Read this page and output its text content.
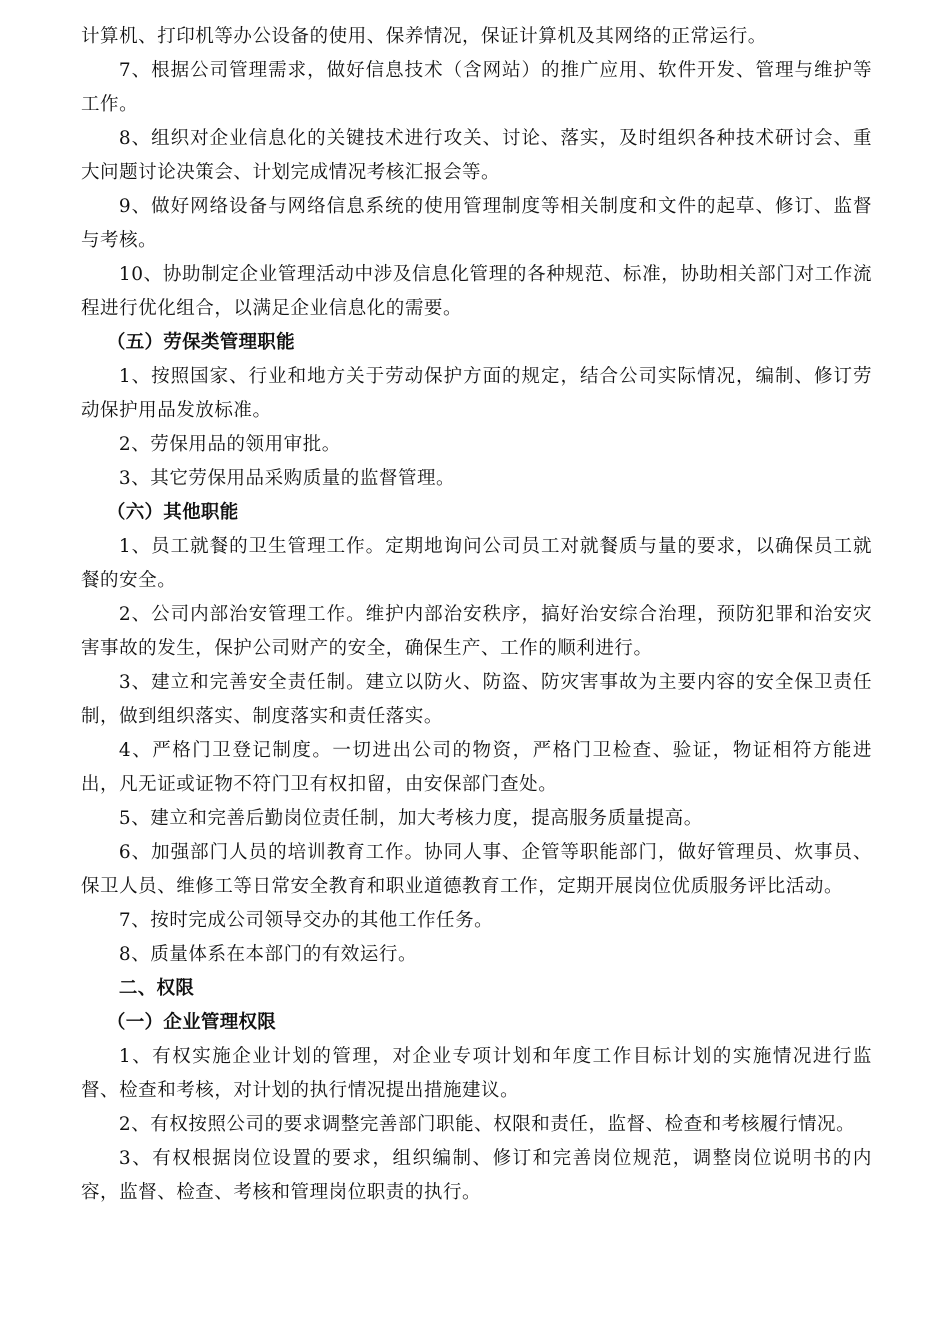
计算机、打印机等办公设备的使用、保养情况，保证计算机及其网络的正常运行。

7、根据公司管理需求，做好信息技术（含网站）的推广应用、软件开发、管理与维护等工作。

8、组织对企业信息化的关键技术进行攻关、讨论、落实，及时组织各种技术研讨会、重大问题讨论决策会、计划完成情况考核汇报会等。

9、做好网络设备与网络信息系统的使用管理制度等相关制度和文件的起草、修订、监督与考核。

10、协助制定企业管理活动中涉及信息化管理的各种规范、标准，协助相关部门对工作流程进行优化组合，以满足企业信息化的需要。

（五）劳保类管理职能

1、按照国家、行业和地方关于劳动保护方面的规定，结合公司实际情况，编制、修订劳动保护用品发放标准。

2、劳保用品的领用审批。

3、其它劳保用品采购质量的监督管理。

（六）其他职能

1、员工就餐的卫生管理工作。定期地询问公司员工对就餐质与量的要求，以确保员工就餐的安全。

2、公司内部治安管理工作。维护内部治安秩序，搞好治安综合治理，预防犯罪和治安灾害事故的发生，保护公司财产的安全，确保生产、工作的顺利进行。

3、建立和完善安全责任制。建立以防火、防盗、防灾害事故为主要内容的安全保卫责任制，做到组织落实、制度落实和责任落实。

4、严格门卫登记制度。一切进出公司的物资，严格门卫检查、验证，物证相符方能进出，凡无证或证物不符门卫有权扣留，由安保部门查处。

5、建立和完善后勤岗位责任制，加大考核力度，提高服务质量提高。

6、加强部门人员的培训教育工作。协同人事、企管等职能部门，做好管理员、炊事员、保卫人员、维修工等日常安全教育和职业道德教育工作，定期开展岗位优质服务评比活动。

7、按时完成公司领导交办的其他工作任务。

8、质量体系在本部门的有效运行。

二、权限

（一）企业管理权限

1、有权实施企业计划的管理，对企业专项计划和年度工作目标计划的实施情况进行监督、检查和考核，对计划的执行情况提出措施建议。

2、有权按照公司的要求调整完善部门职能、权限和责任，监督、检查和考核履行情况。

3、有权根据岗位设置的要求，组织编制、修订和完善岗位规范，调整岗位说明书的内容，监督、检查、考核和管理岗位职责的执行。
